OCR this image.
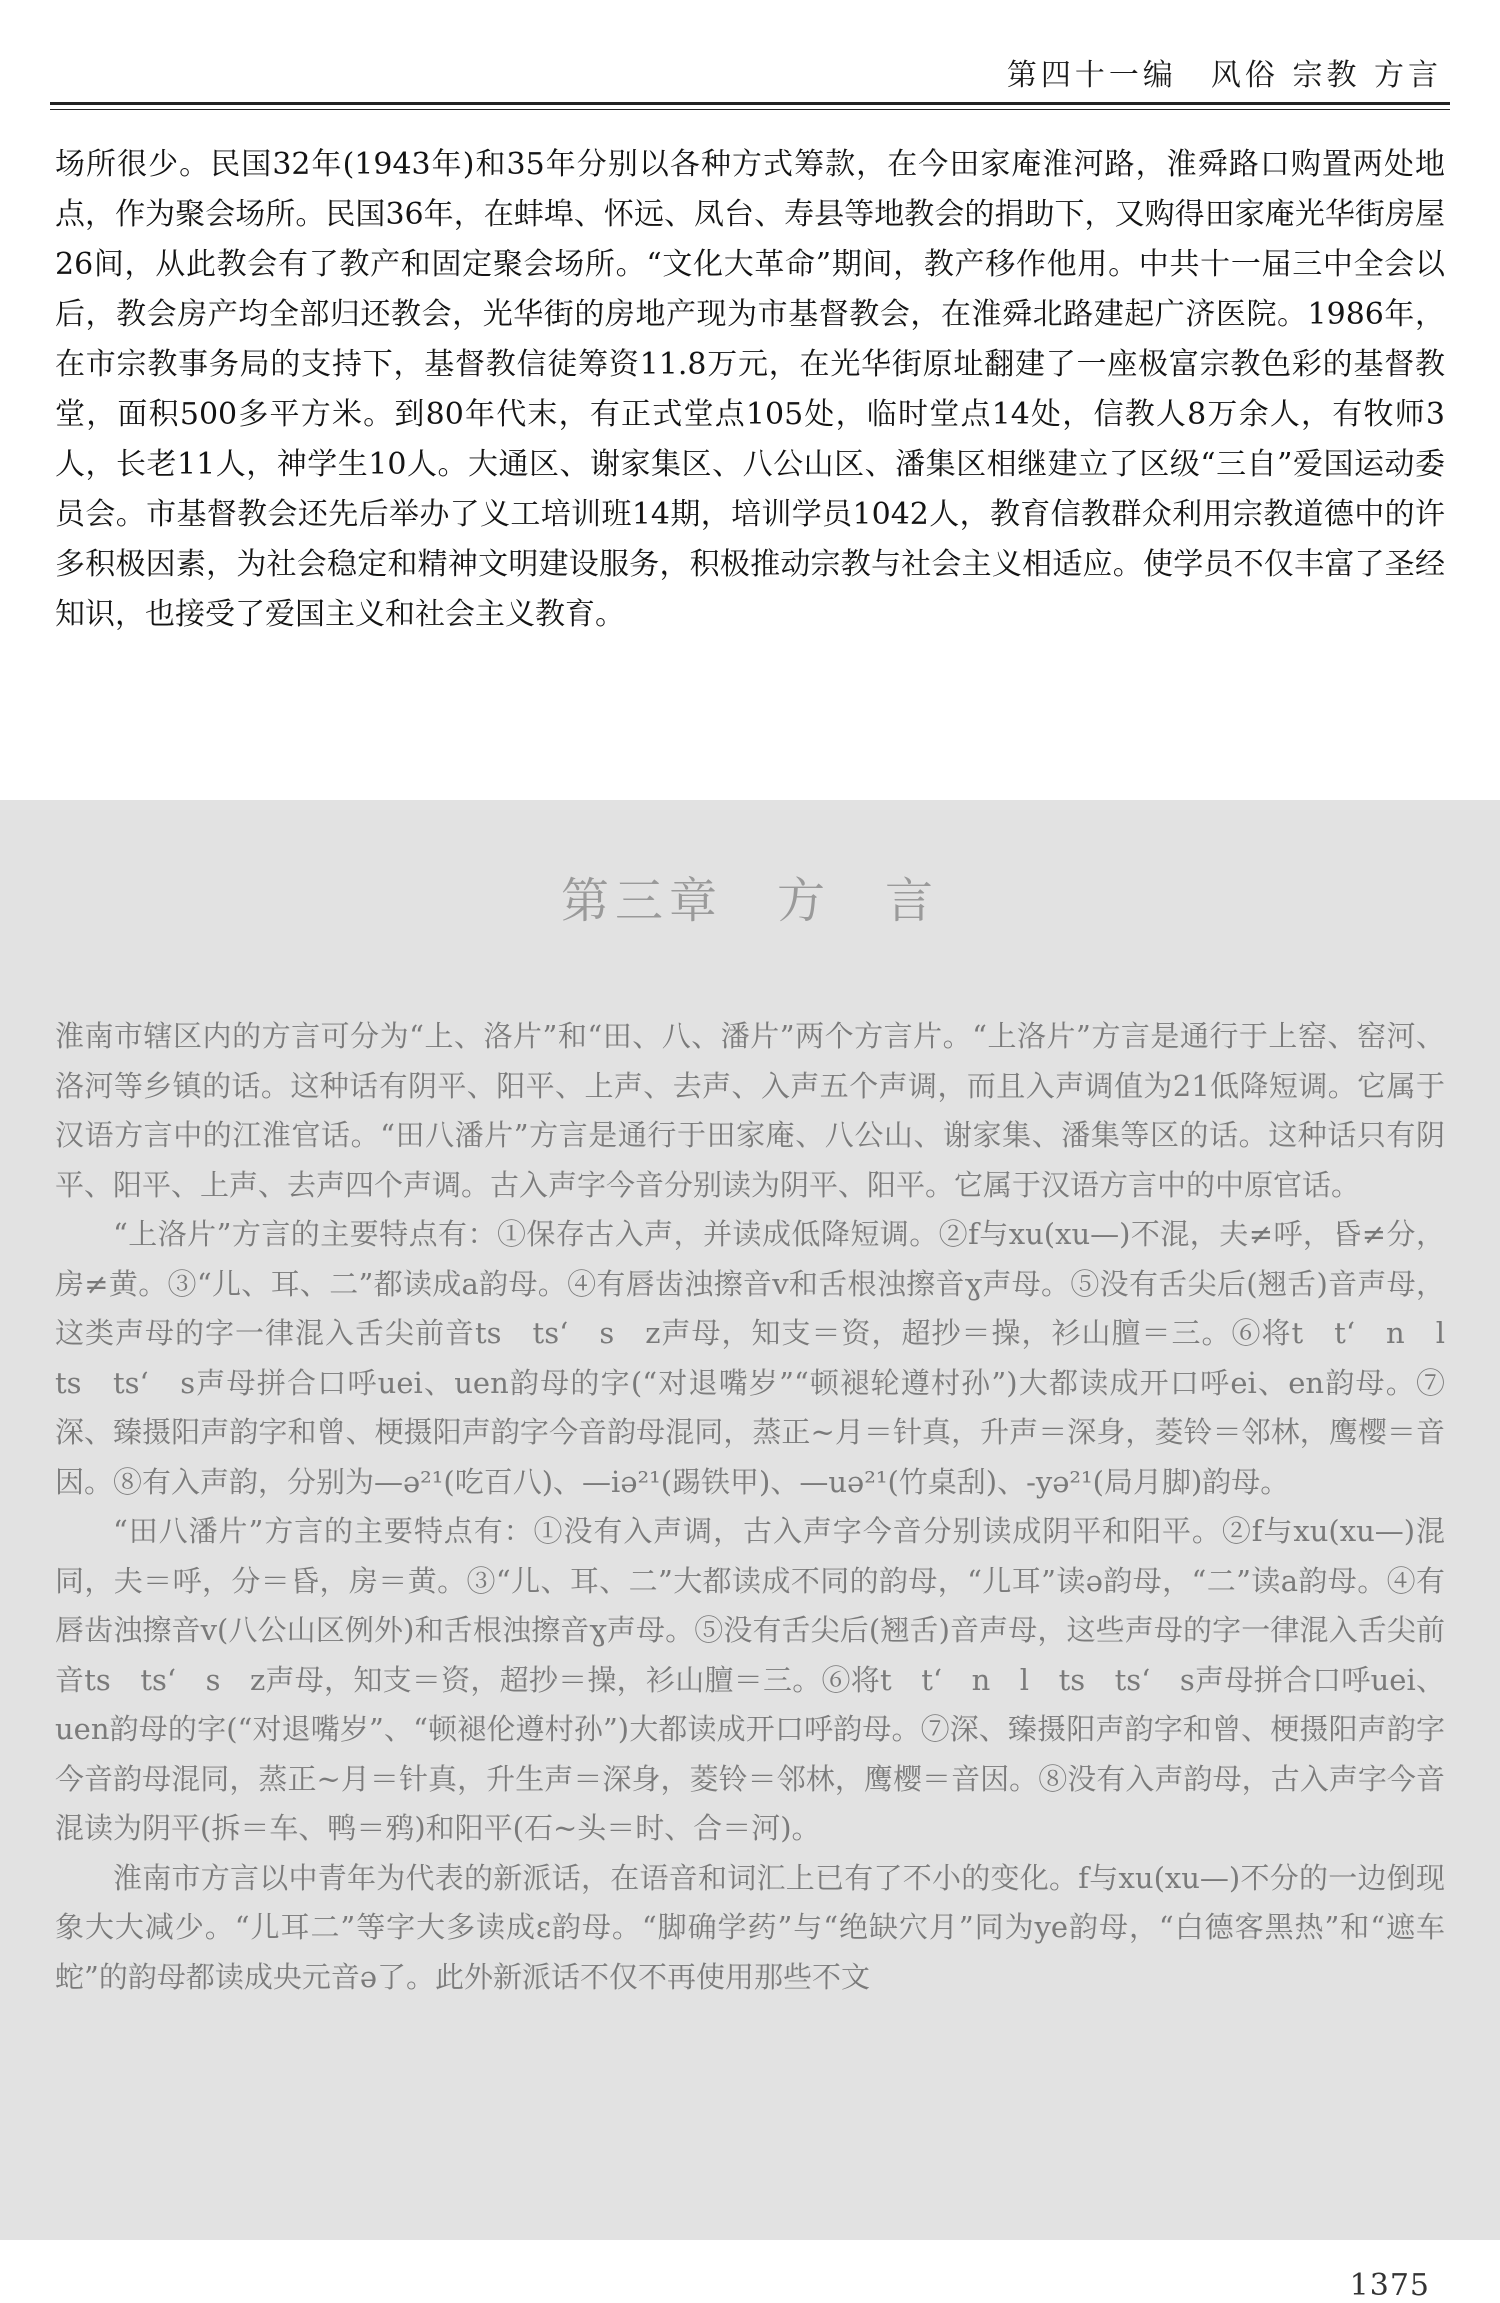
第四十一编　风俗 宗教 方言

场所很少。民国32年(1943年)和35年分别以各种方式筹款，在今田家庵淮河路，淮舜路口购置两处地点，作为聚会场所。民国36年，在蚌埠、怀远、凤台、寿县等地教会的捐助下，又购得田家庵光华街房屋26间，从此教会有了教产和固定聚会场所。“文化大革命”期间，教产移作他用。中共十一届三中全会以后，教会房产均全部归还教会，光华街的房地产现为市基督教会，在淮舜北路建起广济医院。1986年，在市宗教事务局的支持下，基督教信徒筹资11.8万元，在光华街原址翻建了一座极富宗教色彩的基督教堂，面积500多平方米。到80年代末，有正式堂点105处，临时堂点14处，信教人8万余人，有牧师3人，长老11人，神学生10人。大通区、谢家集区、八公山区、潘集区相继建立了区级“三自”爱国运动委员会。市基督教会还先后举办了义工培训班14期，培训学员1042人，教育信教群众利用宗教道德中的许多积极因素，为社会稳定和精神文明建设服务，积极推动宗教与社会主义相适应。使学员不仅丰富了圣经知识，也接受了爱国主义和社会主义教育。

第三章　方　言

淮南市辖区内的方言可分为“上、洛片”和“田、八、潘片”两个方言片。“上洛片”方言是通行于上窑、窑河、洛河等乡镇的话。这种话有阴平、阳平、上声、去声、入声五个声调，而且入声调值为21低降短调。它属于汉语方言中的江淮官话。“田八潘片”方言是通行于田家庵、八公山、谢家集、潘集等区的话。这种话只有阴平、阳平、上声、去声四个声调。古入声字今音分别读为阴平、阳平。它属于汉语方言中的中原官话。

“上洛片”方言的主要特点有：①保存古入声，并读成低降短调。②f与xu(xu—)不混，夫≠呼，昏≠分，房≠黄。③“儿、耳、二”都读成a韵母。④有唇齿浊擦音v和舌根浊擦音ɣ声母。⑤没有舌尖后(翘舌)音声母，这类声母的字一律混入舌尖前音ts　ts‘　s　z声母，知支＝资，超抄＝操，衫山膻＝三。⑥将t　t‘　n　l　ts　ts‘　s声母拼合口呼uei、uen韵母的字(“对退嘴岁”“顿褪轮遵村孙”)大都读成开口呼ei、en韵母。⑦深、臻摄阳声韵字和曾、梗摄阳声韵字今音韵母混同，蒸正~月＝针真，升声＝深身，菱铃＝邻林，鹰樱＝音因。⑧有入声韵，分别为—ə²¹(吃百八)、—iə²¹(踢铁甲)、—uə²¹(竹桌刮)、-yə²¹(局月脚)韵母。

“田八潘片”方言的主要特点有：①没有入声调，古入声字今音分别读成阴平和阳平。②f与xu(xu—)混同，夫＝呼，分＝昏，房＝黄。③“儿、耳、二”大都读成不同的韵母，“儿耳”读ə韵母，“二”读a韵母。④有唇齿浊擦音v(八公山区例外)和舌根浊擦音ɣ声母。⑤没有舌尖后(翘舌)音声母，这些声母的字一律混入舌尖前音ts　ts‘　s　z声母，知支＝资，超抄＝操，衫山膻＝三。⑥将t　t‘　n　l　ts　ts‘　s声母拼合口呼uei、uen韵母的字(“对退嘴岁”、“顿褪伦遵村孙”)大都读成开口呼韵母。⑦深、臻摄阳声韵字和曾、梗摄阳声韵字今音韵母混同，蒸正~月＝针真，升生声＝深身，菱铃＝邻林，鹰樱＝音因。⑧没有入声韵母，古入声字今音混读为阴平(拆＝车、鸭＝鸦)和阳平(石~头＝时、合＝河)。

淮南市方言以中青年为代表的新派话，在语音和词汇上已有了不小的变化。f与xu(xu—)不分的一边倒现象大大减少。“儿耳二”等字大多读成ɛ韵母。“脚确学药”与“绝缺穴月”同为ye韵母，“白德客黑热”和“遮车蛇”的韵母都读成央元音ə了。此外新派话不仅不再使用那些不文

1375
